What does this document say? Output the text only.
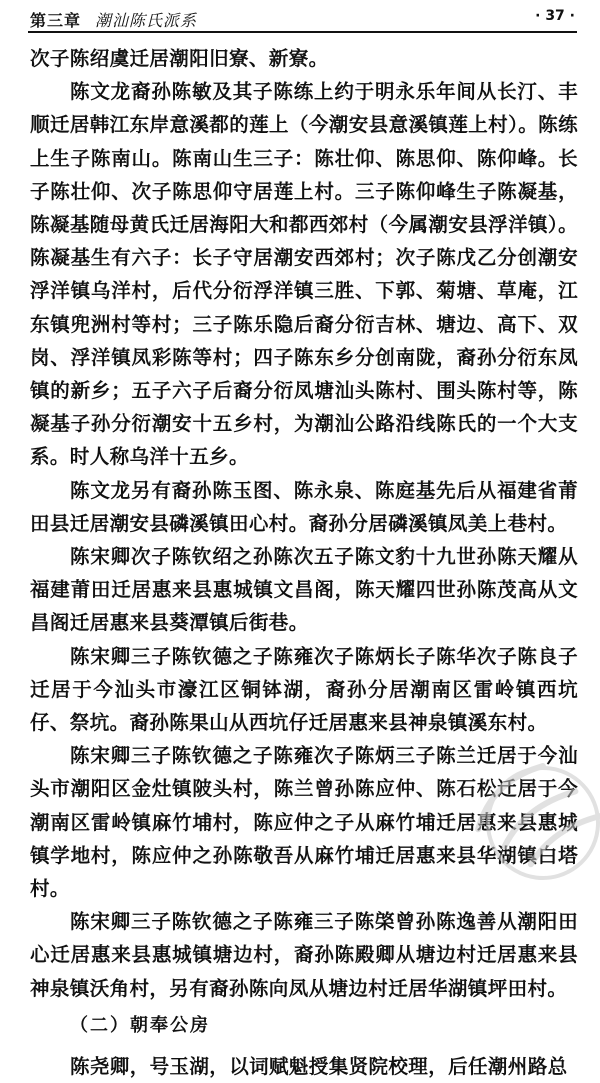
第三章 潮汕陈氏派系	· 37 ·

次子陈绍虞迁居潮阳旧寮、新寮。

陈文龙裔孙陈敏及其子陈练上约于明永乐年间从长汀、丰顺迁居韩江东岸意溪都的莲上（今潮安县意溪镇莲上村）。陈练上生子陈南山。陈南山生三子：陈壮仰、陈思仰、陈仰峰。长子陈壮仰、次子陈思仰守居莲上村。三子陈仰峰生子陈凝基，陈凝基随母黄氏迁居海阳大和都西郊村（今属潮安县浮洋镇）。陈凝基生有六子：长子守居潮安西郊村；次子陈戊乙分创潮安浮洋镇乌洋村，后代分衍浮洋镇三胜、下郭、菊塘、草庵，江东镇兜洲村等村；三子陈乐隐后裔分衍吉林、塘边、高下、双岗、浮洋镇凤彩陈等村；四子陈东乡分创南陇，裔孙分衍东凤镇的新乡；五子六子后裔分衍凤塘汕头陈村、围头陈村等，陈凝基子孙分衍潮安十五乡村，为潮汕公路沿线陈氏的一个大支系。时人称乌洋十五乡。

陈文龙另有裔孙陈玉图、陈永泉、陈庭基先后从福建省莆田县迁居潮安县磷溪镇田心村。裔孙分居磷溪镇凤美上巷村。

陈宋卿次子陈钦绍之孙陈次五子陈文豹十九世孙陈天耀从福建莆田迁居惠来县惠城镇文昌阁，陈天耀四世孙陈茂高从文昌阁迁居惠来县葵潭镇后街巷。

陈宋卿三子陈钦德之子陈雍次子陈炳长子陈华次子陈良子迁居于今汕头市濠江区铜钵湖，裔孙分居潮南区雷岭镇西坑仔、祭坑。裔孙陈果山从西坑仔迁居惠来县神泉镇溪东村。

陈宋卿三子陈钦德之子陈雍次子陈炳三子陈兰迁居于今汕头市潮阳区金灶镇陂头村，陈兰曾孙陈应仲、陈石松迁居于今潮南区雷岭镇麻竹埔村，陈应仲之子从麻竹埔迁居惠来县惠城镇学地村，陈应仲之孙陈敬吾从麻竹埔迁居惠来县华湖镇白塔村。

陈宋卿三子陈钦德之子陈雍三子陈棨曾孙陈逸善从潮阳田心迁居惠来县惠城镇塘边村，裔孙陈殿卿从塘边村迁居惠来县神泉镇沃角村，另有裔孙陈向凤从塘边村迁居华湖镇坪田村。

（二）朝奉公房

陈尧卿，号玉湖，以词赋魁授集贤院校理，后任潮州路总
